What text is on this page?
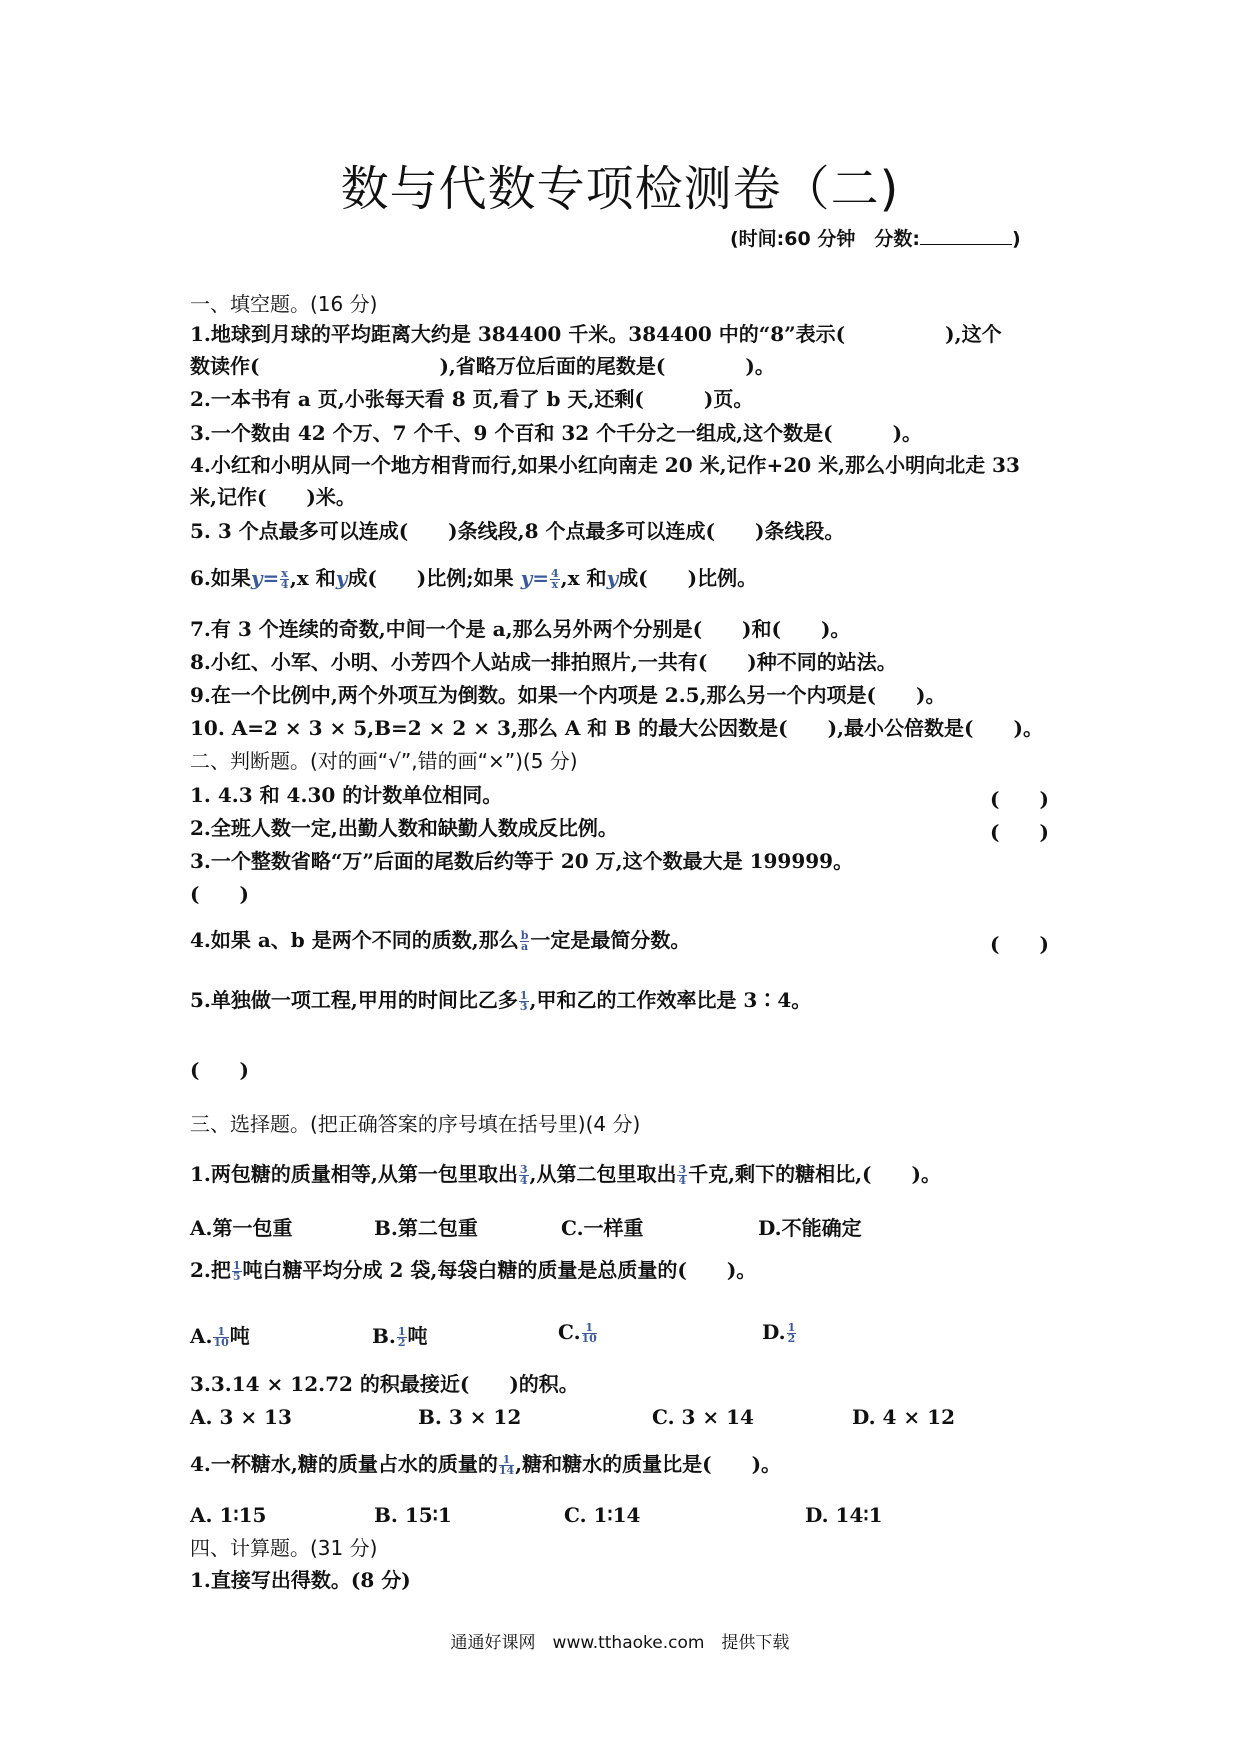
数与代数专项检测卷（二)
(时间:60 分钟　分数:	)
一、填空题。(16 分)
1.地球到月球的平均距离大约是 384400 千米。384400 中的“8”表示(　　　　　),这个
数读作(　　　　　　　　　),省略万位后面的尾数是(　　　　)。
2.一本书有 a 页,小张每天看 8 页,看了 b 天,还剩(　　　)页。
3.一个数由 42 个万、7 个千、9 个百和 32 个千分之一组成,这个数是(　　　)。
4.小红和小明从同一个地方相背而行,如果小红向南走 20 米,记作+20 米,那么小明向北走 33
米,记作(　　)米。
5. 3 个点最多可以连成(　　)条线段,8 个点最多可以连成(　　)条线段。
6.如果$y= \frac{x}{4} ,x$ 和y成(　　)比例;如果 $y= \frac{4}{x} ,x$ 和y成(　　)比例。
7.有 3 个连续的奇数,中间一个是 a,那么另外两个分别是(　　)和(　　)。
8.小红、小军、小明、小芳四个人站成一排拍照片,一共有(　　)种不同的站法。
9.在一个比例中,两个外项互为倒数。如果一个内项是 2.5,那么另一个内项是(　　)。
10. A=2 × 3 × 5,B=2 × 2 × 3,那么 A 和 B 的最大公因数是(　　),最小公倍数是(　　)。
二、判断题。(对的画“√”,错的画“×”)(5 分)
1. 4.3 和 4.30 的计数单位相同。	(　　)
2.全班人数一定,出勤人数和缺勤人数成反比例。	(　　)
3.一个整数省略“万”后面的尾数后约等于 20 万,这个数最大是 199999。
(　　)
4.如果 a、b 是两个不同的质数,那么 $\frac{b}{a}$ 一定是最简分数。	(　　)
5.单独做一项工程,甲用的时间比乙多 $\frac{1}{3}$ ,甲和乙的工作效率比是 3∶4。
(　　)
三、选择题。(把正确答案的序号填在括号里)(4 分)
1.两包糖的质量相等,从第一包里取出 $\frac{3}{4}$ ,从第二包里取出 $\frac{3}{4}$ 千克,剩下的糖相比,(　　)。
A.第一包重	B.第二包重	C.一样重	D.不能确定
2.把 $\frac{1}{5}$ 吨白糖平均分成 2 袋,每袋白糖的质量是总质量的(　　)。
A. $\frac{1}{10}$ 吨	B. $\frac{1}{2}$ 吨	C. $\frac{1}{10}$	D. $\frac{1}{2}$
3.3.14 × 12.72 的积最接近(　　)的积。
A. 3 × 13	B. 3 × 12	C. 3 × 14	D. 4 × 12
4.一杯糖水,糖的质量占水的质量的 $\frac{1}{14}$ ,糖和糖水的质量比是(　　)。
A. 1∶15	B. 15∶1	C. 1∶14	D. 14∶1
四、计算题。(31 分)
1.直接写出得数。(8 分)
通通好课网　www.tthaoke.com　提供下载
